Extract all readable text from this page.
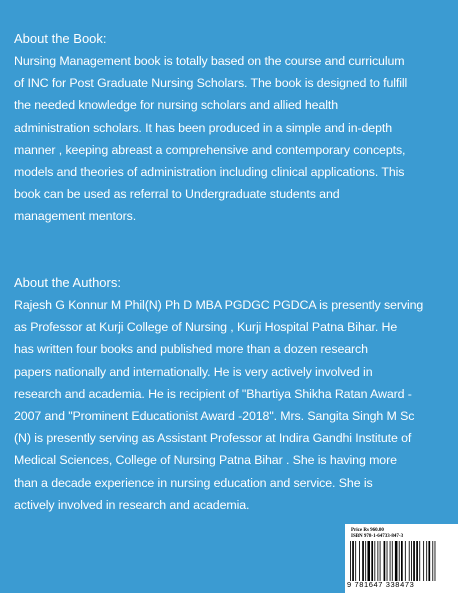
About the Book:

Nursing Management book is totally based on the course and curriculum
of INC for Post Graduate Nursing Scholars. The book is designed to fulfill
the needed knowledge for nursing scholars and allied health
administration scholars. It has been produced in a simple and in-depth
manner , keeping abreast a comprehensive and contemporary concepts,
models and theories of administration including clinical applications. This
book can be used as referral to Undergraduate students and
management mentors.

About the Authors:

Rajesh G Konnur M Phil(N) Ph D MBA PGDGC PGDCA is presently serving
as Professor at Kurji College of Nursing , Kurji Hospital Patna Bihar. He
has written four books and published more than a dozen research
papers nationally and internationally. He is very actively involved in
research and academia. He is recipient of "Bhartiya Shikha Ratan Award -
2007 and "Prominent Educationist Award -2018". Mrs. Sangita Singh M Sc
(N) is presently serving as Assistant Professor at Indira Gandhi Institute of
Medical Sciences, College of Nursing Patna Bihar . She is having more
than a decade experience in nursing education and service. She is
actively involved in research and academia.

Price Rs 960.00

ISBN 978-1-64733-847-3

9 781647 338473
